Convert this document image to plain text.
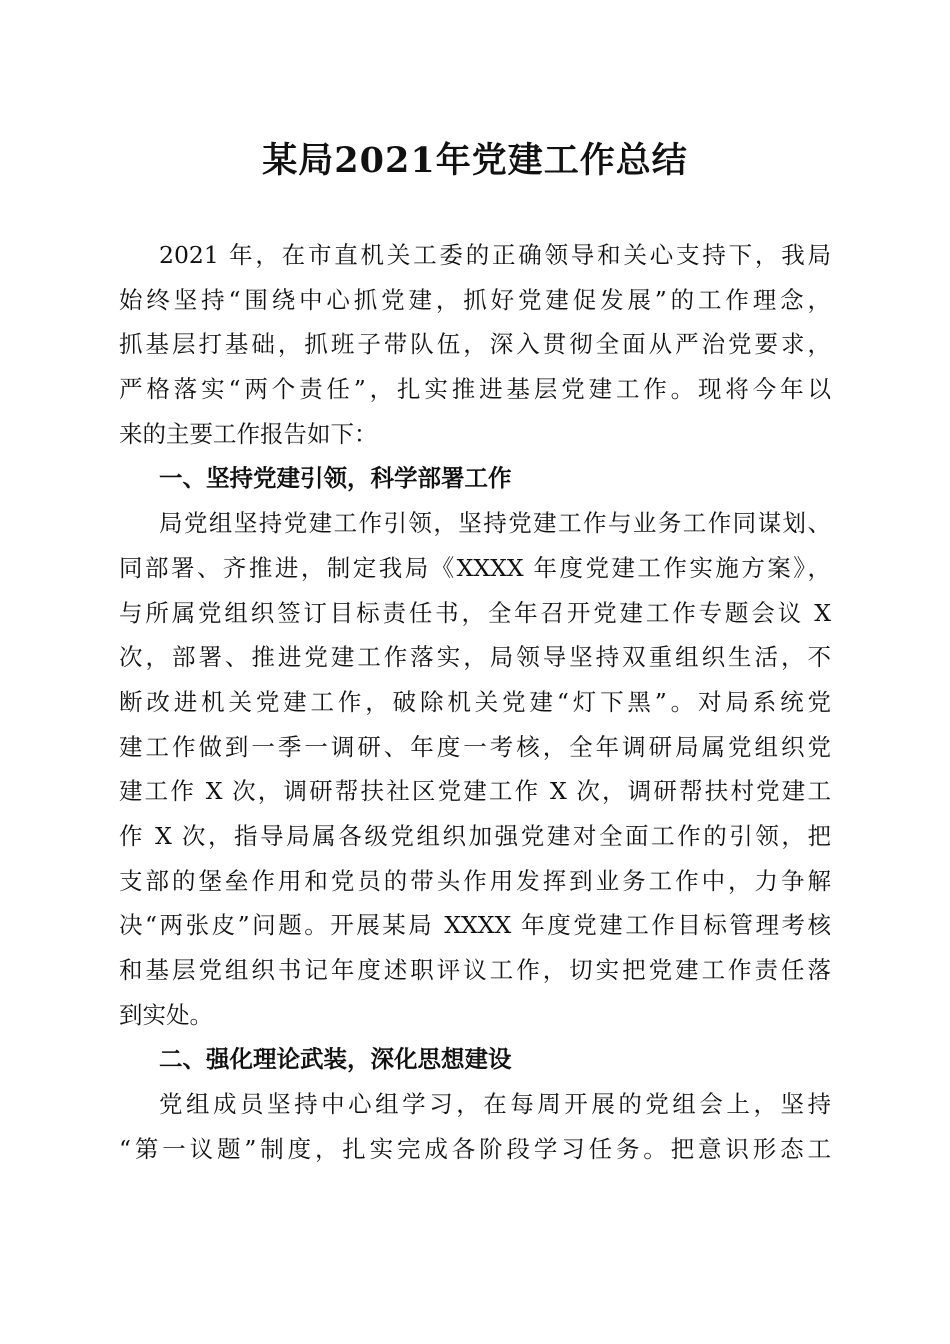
某局2021年党建工作总结
2021 年，在市直机关工委的正确领导和关心支持下，我局
始终坚持“围绕中心抓党建，抓好党建促发展”的工作理念，
抓基层打基础，抓班子带队伍，深入贯彻全面从严治党要求，
严格落实“两个责任”，扎实推进基层党建工作。现将今年以
来的主要工作报告如下：
一、坚持党建引领，科学部署工作
局党组坚持党建工作引领，坚持党建工作与业务工作同谋划、
同部署、齐推进，制定我局《XXXX 年度党建工作实施方案》，
与所属党组织签订目标责任书，全年召开党建工作专题会议 X
次，部署、推进党建工作落实，局领导坚持双重组织生活，不
断改进机关党建工作，破除机关党建“灯下黑”。对局系统党
建工作做到一季一调研、年度一考核，全年调研局属党组织党
建工作 X 次，调研帮扶社区党建工作 X 次，调研帮扶村党建工
作 X 次，指导局属各级党组织加强党建对全面工作的引领，把
支部的堡垒作用和党员的带头作用发挥到业务工作中，力争解
决“两张皮”问题。开展某局 XXXX 年度党建工作目标管理考核
和基层党组织书记年度述职评议工作，切实把党建工作责任落
到实处。
二、强化理论武装，深化思想建设
党组成员坚持中心组学习，在每周开展的党组会上，坚持
“第一议题”制度，扎实完成各阶段学习任务。把意识形态工
